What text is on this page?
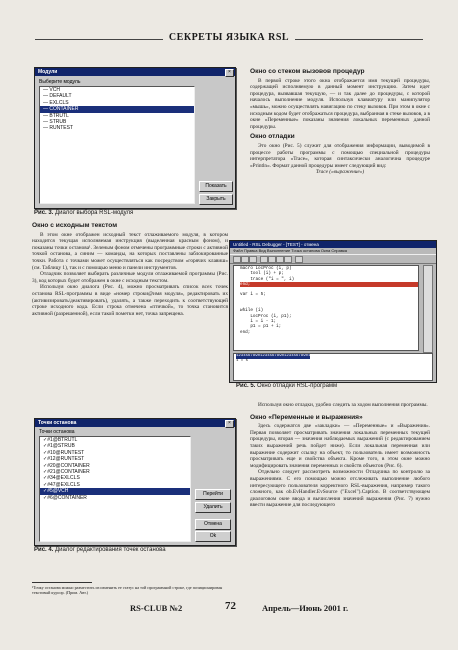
СЕКРЕТЫ ЯЗЫКА RSL
Модули	×
Выберите модуль
— VCH
— DEFAULT
— EXLCLS
— CONTAINER
— BTRUTL
— STRUB
— RUNTEST
Показать
Закрыть
Рис. 3. Диалог выбора RSL-модуля
Окно с исходным текстом

В этом окне отображен исходный текст отлаживаемого модуля, в котором находится текущая исполняемая инструкция (выделенная красным фоном), и показаны точки останова¹. Зеленым фоном отмечены программные строки с активной точкой останова, а синим — команды, на которых поставлены заблокированные точки. Работа с точками может осуществляться как посредством «горячих клавиш» (см. Таблицу 1), так и с помощью меню и панели инструментов.

Отладчик позволяет выбирать различные модули отлаживаемой программы (Рис. 3), код которых будет отображен в окне с исходным текстом.

Используя окно диалога (Рис. 4), можно просматривать список всех точек останова RSL-программы в виде «номер строки@имя модуля», редактировать их (активизировать/деактивировать), удалять, а также переходить к соответствующей строке исходного кода. Если строка отмечена «птичкой», то точка становится активной (разрешенной), если такой пометки нет, точка запрещена.

Точки останова	×
Точки останова
✓#1@BTRUTL
✓#1@STRUB
✓#10@RUNTEST
✓#12@RUNTEST
✓#20@CONTAINER
✓#21@CONTAINER
✓#34@EXLCLS
✓#47@EXLCLS
✓#5@VCH
✓#6@CONTAINER
Перейти
Удалить
Отмена
Ok
Рис. 4. Диалог редактирования точек останова
¹Точку останова можно разместить из изменить ее статус на той программной строке, где позиционирован текстовый курсор. (Прим. Авт.)
Окно со стеком вызовов процедур

В первой строке этого окна отображается имя текущей процедуры, содержащей исполняемую в данный момент инструкцию. Затем идет процедура, вызвавшая текущую, — и так далее до процедуры, с которой началось выполнение модуля. Используя клавиатуру или манипулятор «мышь», можно осуществлять навигацию по стеку вызовов. При этом в окне с исходным кодом будет отображаться процедура, выбранная в стеке вызовов, а в окне «Переменные» показаны значения локальных переменных данной процедуры.

Окно отладки

Это окно (Рис. 5) служит для отображения информации, выводимой в процессе работы программы с помощью специальной процедуры интерпретатора «Trace», которая синтаксически аналогична процедуре «Println». Формат данной процедуры имеет следующий вид:

Trace («выражение»)
Untitled - RSL Debugger - [TEST] - отмена
Файл Правка Вид Выполнение Точка останова Окна Справка
macro LocProc (i, p)
tool (i) + p;
trace ("i = ", i)
end;

var i = 5;

while (i)
LocProc (i, p1);
i = i - 1;
p1 = p1 + i;
end;
1234567890123456789012345678901
i = 5
Рис. 5. Окно отладки RSL-программ

Используя окно отладки, удобно следить за ходом выполнения программы.

Окно «Переменные и выражения»

Здесь содержатся две «закладки» — «Переменные» и «Выражения». Первая позволяет просматривать значения локальных переменных текущей процедуры, вторая — значения наблюдаемых выражений (с редактированием таких выражений речь пойдет ниже). Если локальная переменная или выражение содержит ссылку на объект, то пользователь имеет возможность просматривать еще и свойства объекта. Кроме того, в этом окне можно модифицировать значения переменных и свойств объектов (Рис. 6).

Отдельно следует рассмотреть возможности Отладчика по контролю за выражениями. С его помощью можно отслеживать выполнение любого интересующего пользователя корректного RSL-выражения, например такого сложного, как ob.EvHandler.EvSource ("Excel").Caption. В соответствующем диалоговом окне ввода и вычисления значений выражения (Рис. 7) нужно ввести выражение для последующего

RS-CLUB №2	72	Апрель—Июнь 2001 г.
